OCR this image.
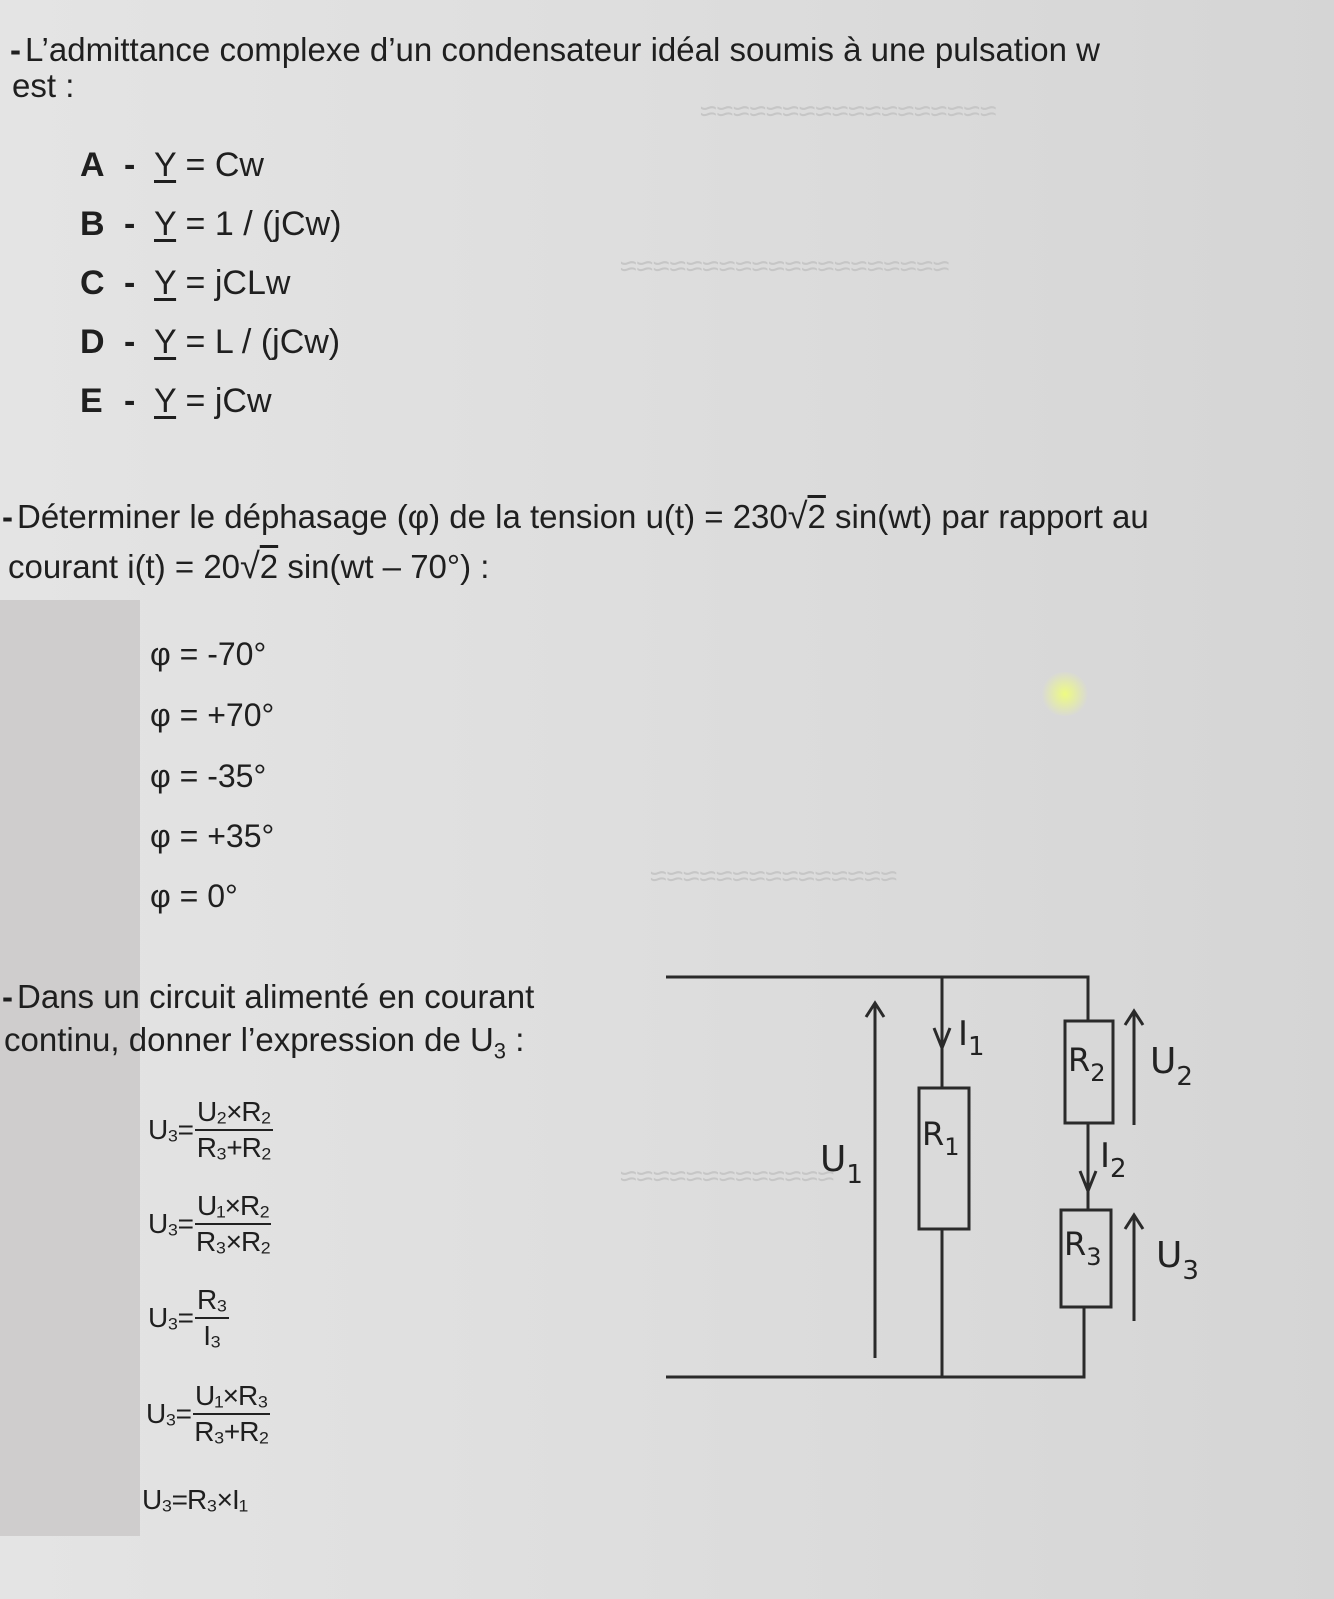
≈≈≈≈≈≈≈≈≈≈≈≈≈≈≈≈≈≈
≈≈≈≈≈≈≈≈≈≈≈≈≈≈≈≈≈≈≈≈
≈≈≈≈≈≈≈≈≈≈≈≈≈≈≈
≈≈≈≈≈≈≈≈≈≈≈≈≈
- L’admittance complexe d’un condensateur idéal soumis à une pulsation w
est :
A - Y = Cw
B - Y = 1 / (jCw)
C - Y = jCLw
D - Y = L / (jCw)
E - Y = jCw
- Déterminer le déphasage (φ) de la tension u(t) = 230√2 sin(wt) par rapport au
courant i(t) = 20√2 sin(wt – 70°) :
φ = -70°
φ = +70°
φ = -35°
φ = +35°
φ = 0°
- Dans un circuit alimenté en courant
continu, donner l’expression de $U_3$ :
$U_3= \frac{\text{U₂×R₂}}{\text{R₃+R₂}}$
$U_3= \frac{\text{U₁×R₂}}{\text{R₃×R₂}}$
$U_3= \frac{\text{R₃}}{\text{I₃}}$
$U_3= \frac{\text{U₁×R₃}}{\text{R₃+R₂}}$
U₃=R₃×I₁
$U_1$
$I_1$
$R_1$
$R_2$ $U_2$
$I_2$
$R_3$ $U_3$
